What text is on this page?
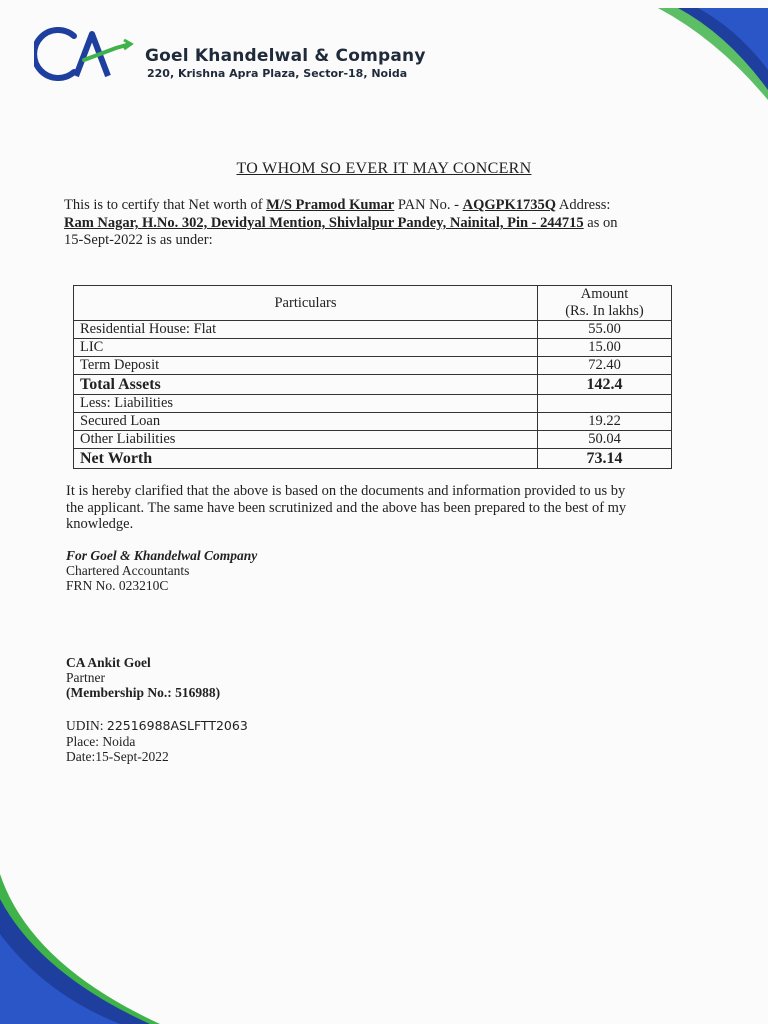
Goel Khandelwal & Company
220, Krishna Apra Plaza, Sector-18, Noida
TO WHOM SO EVER IT MAY CONCERN
This is to certify that Net worth of M/S Pramod Kumar PAN No. - AQGPK1735Q Address:
Ram Nagar, H.No. 302, Devidyal Mention, Shivlalpur Pandey, Nainital, Pin - 244715 as on
15-Sept-2022 is as under:
Particulars	Amount
(Rs. In lakhs)
Residential House: Flat	55.00
LIC	15.00
Term Deposit	72.40
Total Assets	142.4
Less: Liabilities	
Secured Loan	19.22
Other Liabilities	50.04
Net Worth	73.14
It is hereby clarified that the above is based on the documents and information provided to us by
the applicant. The same have been scrutinized and the above has been prepared to the best of my
knowledge.
For Goel & Khandelwal Company
Chartered Accountants
FRN No. 023210C
CA Ankit Goel
Partner
(Membership No.: 516988)
UDIN: 22516988ASLFTT2063
Place: Noida
Date:15-Sept-2022
